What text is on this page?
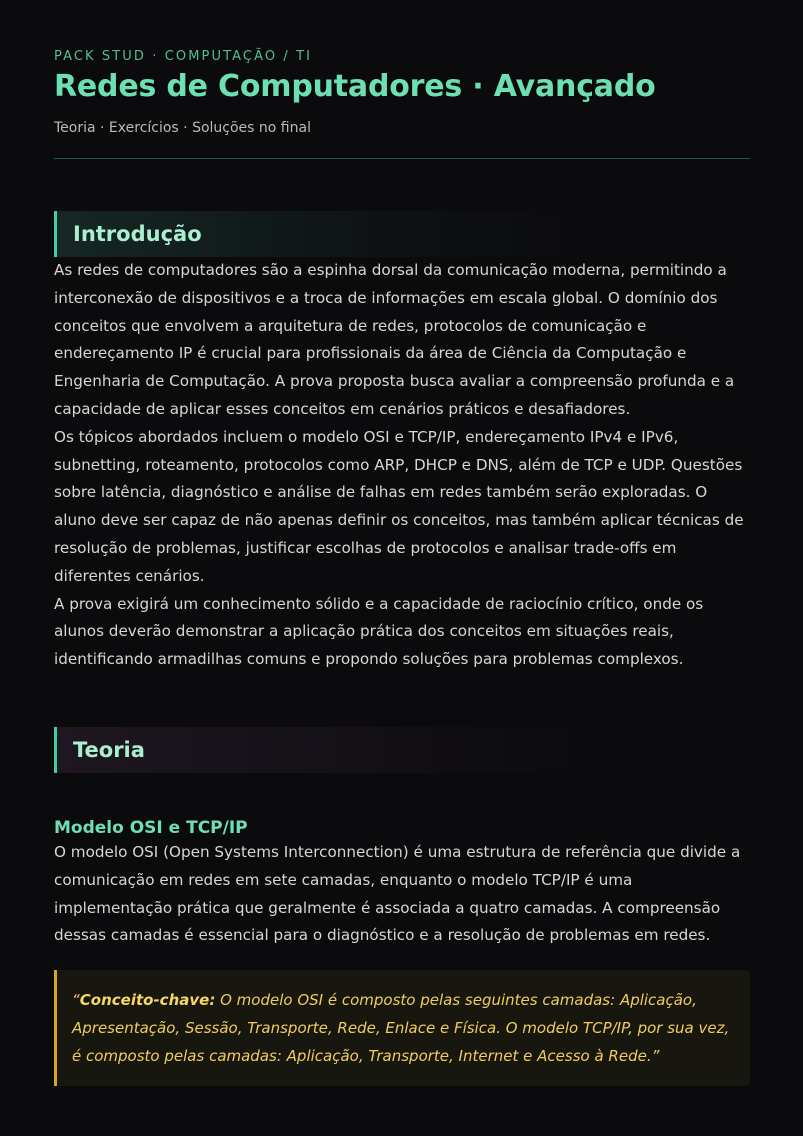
PACK STUD · COMPUTAÇÃO / TI
Redes de Computadores · Avançado
Teoria · Exercícios · Soluções no final
Introdução

As redes de computadores são a espinha dorsal da comunicação moderna, permitindo a interconexão de dispositivos e a troca de informações em escala global. O domínio dos conceitos que envolvem a arquitetura de redes, protocolos de comunicação e endereçamento IP é crucial para profissionais da área de Ciência da Computação e Engenharia de Computação. A prova proposta busca avaliar a compreensão profunda e a capacidade de aplicar esses conceitos em cenários práticos e desafiadores.

Os tópicos abordados incluem o modelo OSI e TCP/IP, endereçamento IPv4 e IPv6, subnetting, roteamento, protocolos como ARP, DHCP e DNS, além de TCP e UDP. Questões sobre latência, diagnóstico e análise de falhas em redes também serão exploradas. O aluno deve ser capaz de não apenas definir os conceitos, mas também aplicar técnicas de resolução de problemas, justificar escolhas de protocolos e analisar trade-offs em diferentes cenários.

A prova exigirá um conhecimento sólido e a capacidade de raciocínio crítico, onde os alunos deverão demonstrar a aplicação prática dos conceitos em situações reais, identificando armadilhas comuns e propondo soluções para problemas complexos.

Teoria
Modelo OSI e TCP/IP

O modelo OSI (Open Systems Interconnection) é uma estrutura de referência que divide a comunicação em redes em sete camadas, enquanto o modelo TCP/IP é uma implementação prática que geralmente é associada a quatro camadas. A compreensão dessas camadas é essencial para o diagnóstico e a resolução de problemas em redes.

“Conceito-chave: O modelo OSI é composto pelas seguintes camadas: Aplicação, Apresentação, Sessão, Transporte, Rede, Enlace e Física. O modelo TCP/IP, por sua vez, é composto pelas camadas: Aplicação, Transporte, Internet e Acesso à Rede.”
